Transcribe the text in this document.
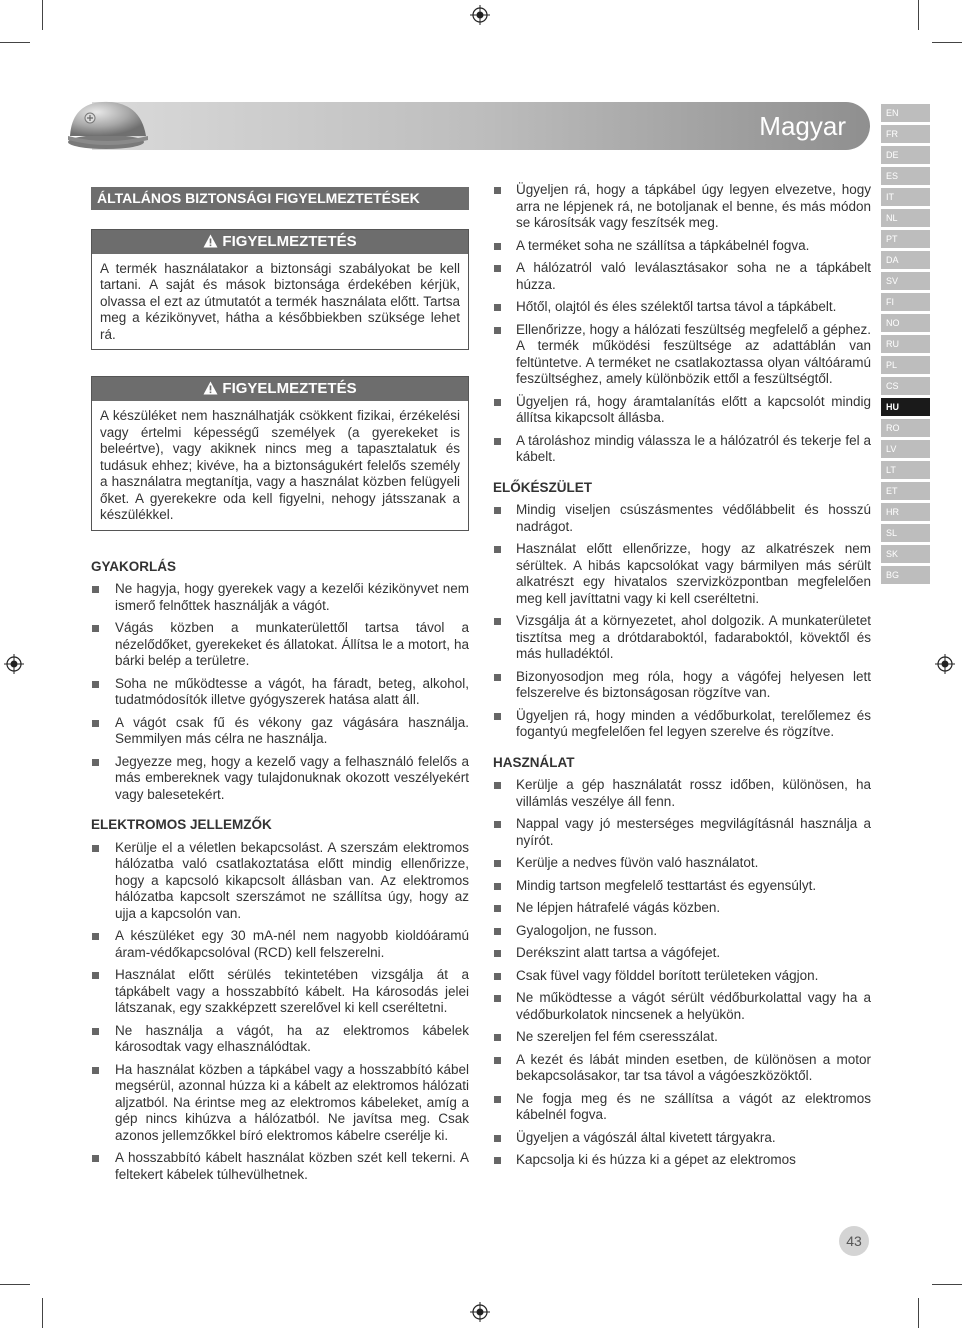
Magyar	EN
FR
DE
ES
IT
NL
PT
DA
SV
FI
NO
RU
PL
CS
HU
RO
LV
LT
ET
HR
SL
SK
BG
ÁLTALÁNOS BIZTONSÁGI FIGYELMEZTETÉSEK
FIGYELMEZTETÉS
A termék használatakor a biztonsági szabályokat be kell tartani. A saját és mások biztonsága érdekében kérjük, olvassa el ezt az útmutatót a termék használata előtt. Tartsa meg a kézikönyvet, hátha a későbbiekben szüksége lehet rá.
FIGYELMEZTETÉS
A készüléket nem használhatják csökkent fizikai, érzékelési vagy értelmi képességű személyek (a gyerekeket is beleértve), vagy akiknek nincs meg a tapasztalatuk és tudásuk ehhez; kivéve, ha a biztonságukért felelős személy a használatra megtanítja, vagy a használat közben felügyeli őket. A gyerekekre oda kell figyelni, nehogy játsszanak a készülékkel.
GYAKORLÁS
Ne hagyja, hogy gyerekek vagy a kezelői kézikönyvet nem ismerő felnőttek használják a vágót.
Vágás közben a munkaterülettől tartsa távol a nézelődőket, gyerekeket és állatokat. Állítsa le a motort, ha bárki belép a területre.
Soha ne működtesse a vágót, ha fáradt, beteg, alkohol, tudatmódosítók illetve gyógyszerek hatása alatt áll.
A vágót csak fű és vékony gaz vágására használja. Semmilyen más célra ne használja.
Jegyezze meg, hogy a kezelő vagy a felhasználó felelős a más embereknek vagy tulajdonuknak okozott veszélyekért vagy balesetekért.
ELEKTROMOS JELLEMZŐK
Kerülje el a véletlen bekapcsolást. A szerszám elektromos hálózatba való csatlakoztatása előtt mindig ellenőrizze, hogy a kapcsoló kikapcsolt állásban van. Az elektromos hálózatba kapcsolt szerszámot ne szállítsa úgy, hogy az ujja a kapcsolón van.
A készüléket egy 30 mA-nél nem nagyobb kioldóáramú áram-védőkapcsolóval (RCD) kell felszerelni.
Használat előtt sérülés tekintetében vizsgálja át a tápkábelt vagy a hosszabbító kábelt. Ha károsodás jelei látszanak, egy szakképzett szerelővel ki kell cseréltetni.
Ne használja a vágót, ha az elektromos kábelek károsodtak vagy elhasználódtak.
Ha használat közben a tápkábel vagy a hosszabbító kábel megsérül, azonnal húzza ki a kábelt az elektromos hálózati aljzatból. Na érintse meg az elektromos kábeleket, amíg a gép nincs kihúzva a hálózatból. Ne javítsa meg. Csak azonos jellemzőkkel bíró elektromos kábelre cserélje ki.
A hosszabbító kábelt használat közben szét kell tekerni. A feltekert kábelek túlhevülhetnek.
Ügyeljen rá, hogy a tápkábel úgy legyen elvezetve, hogy arra ne lépjenek rá, ne botoljanak el benne, és más módon se károsítsák vagy feszítsék meg.
A terméket soha ne szállítsa a tápkábelnél fogva.
A hálózatról való leválasztásakor soha ne a tápkábelt húzza.
Hőtől, olajtól és éles szélektől tartsa távol a tápkábelt.
Ellenőrizze, hogy a hálózati feszültség megfelelő a géphez. A termék működési feszültsége az adattáblán van feltüntetve. A terméket ne csatlakoztassa olyan váltóáramú feszültséghez, amely különbözik ettől a feszültségtől.
Ügyeljen rá, hogy áramtalanítás előtt a kapcsolót mindig állítsa kikapcsolt állásba.
A tároláshoz mindig válassza le a hálózatról és tekerje fel a kábelt.
ELŐKÉSZÜLET
Mindig viseljen csúszásmentes védőlábbelit és hosszú nadrágot.
Használat előtt ellenőrizze, hogy az alkatrészek nem sérültek. A hibás kapcsolókat vagy bármilyen más sérült alkatrészt egy hivatalos szervizközpontban megfelelően meg kell javíttatni vagy ki kell cseréltetni.
Vizsgálja át a környezetet, ahol dolgozik. A munkaterületet tisztítsa meg a drótdaraboktól, fadaraboktól, kövektől és más hulladéktól.
Bizonyosodjon meg róla, hogy a vágófej helyesen lett felszerelve és biztonságosan rögzítve van.
Ügyeljen rá, hogy minden a védőburkolat, terelőlemez és fogantyú megfelelően fel legyen szerelve és rögzítve.
HASZNÁLAT
Kerülje a gép használatát rossz időben, különösen, ha villámlás veszélye áll fenn.
Nappal vagy jó mesterséges megvilágításnál használja a nyírót.
Kerülje a nedves füvön való használatot.
Mindig tartson megfelelő testtartást és egyensúlyt.
Ne lépjen hátrafelé vágás közben.
Gyalogoljon, ne fusson.
Derékszint alatt tartsa a vágófejet.
Csak füvel vagy földdel borított területeken vágjon.
Ne működtesse a vágót sérült védőburkolattal vagy ha a védőburkolatok nincsenek a helyükön.
Ne szereljen fel fém cseresszálat.
A kezét és lábát minden esetben, de különösen a motor bekapcsolásakor, tar tsa távol a vágóeszközöktől.
Ne fogja meg és ne szállítsa a vágót az elektromos kábelnél fogva.
Ügyeljen a vágószál által kivetett tárgyakra.
Kapcsolja ki és húzza ki a gépet az elektromos
43
